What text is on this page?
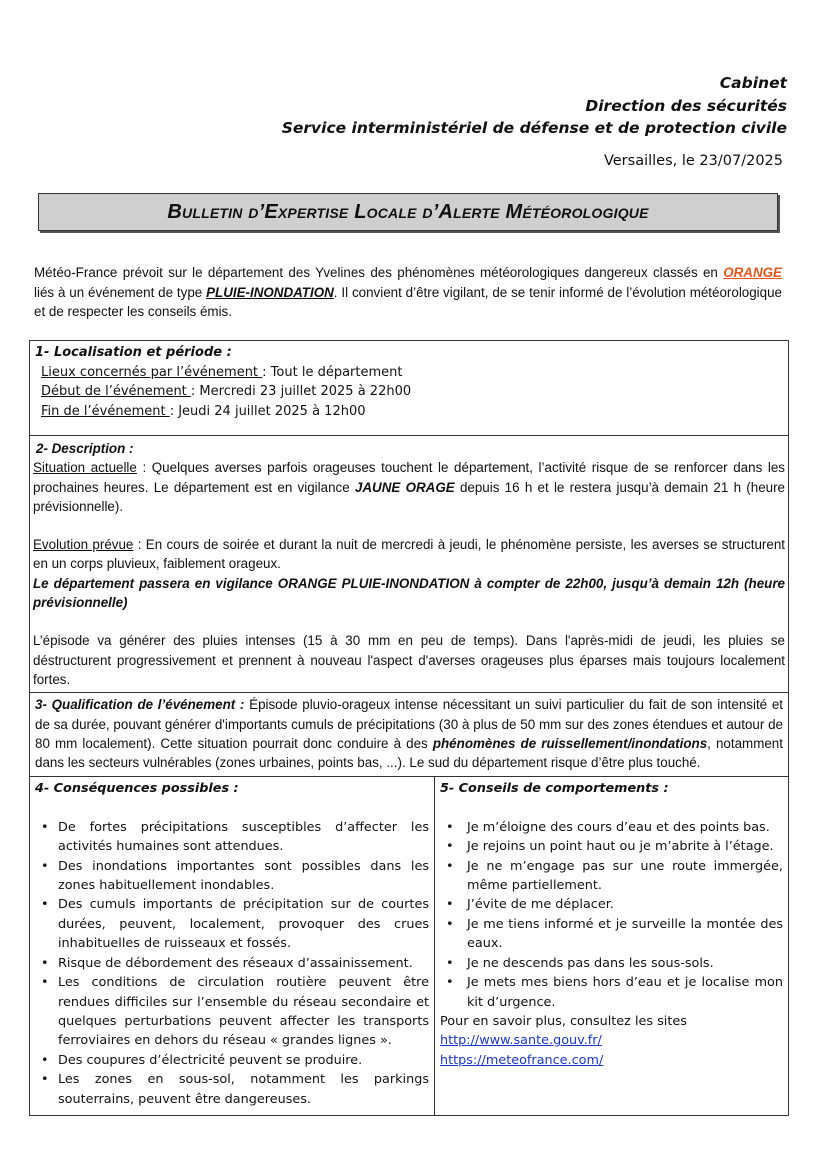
Cabinet
Direction des sécurités
Service interministériel de défense et de protection civile
Versailles, le 23/07/2025
Bulletin d’Expertise Locale d’Alerte Météorologique
Météo-France prévoit sur le département des Yvelines des phénomènes météorologiques dangereux classés en ORANGE liés à un événement de type PLUIE-INONDATION. Il convient d’être vigilant, de se tenir informé de l’évolution météorologique et de respecter les conseils émis.
1- Localisation et période :
Lieux concernés par l’événement : Tout le département
Début de l’événement : Mercredi 23 juillet 2025 à 22h00
Fin de l’événement : Jeudi 24 juillet 2025 à 12h00
2- Description :
Situation actuelle : Quelques averses parfois orageuses touchent le département, l’activité risque de se renforcer dans les prochaines heures. Le département est en vigilance JAUNE ORAGE depuis 16 h et le restera jusqu’à demain 21 h (heure prévisionnelle).
Evolution prévue : En cours de soirée et durant la nuit de mercredi à jeudi, le phénomène persiste, les averses se structurent en un corps pluvieux, faiblement orageux.
Le département passera en vigilance ORANGE PLUIE-INONDATION à compter de 22h00, jusqu’à demain 12h (heure prévisionnelle)
L’épisode va générer des pluies intenses (15 à 30 mm en peu de temps). Dans l'après-midi de jeudi, les pluies se déstructurent progressivement et prennent à nouveau l'aspect d'averses orageuses plus éparses mais toujours localement fortes.
3- Qualification de l’événement : Épisode pluvio-orageux intense nécessitant un suivi particulier du fait de son intensité et de sa durée, pouvant générer d'importants cumuls de précipitations (30 à plus de 50 mm sur des zones étendues et autour de 80 mm localement). Cette situation pourrait donc conduire à des phénomènes de ruissellement/inondations, notamment dans les secteurs vulnérables (zones urbaines, points bas, ...). Le sud du département risque d’être plus touché.
4- Conséquences possibles :
• De fortes précipitations susceptibles d’affecter les activités humaines sont attendues.
• Des inondations importantes sont possibles dans les zones habituellement inondables.
• Des cumuls importants de précipitation sur de courtes durées, peuvent, localement, provoquer des crues inhabituelles de ruisseaux et fossés.
• Risque de débordement des réseaux d’assainissement.
• Les conditions de circulation routière peuvent être rendues difficiles sur l’ensemble du réseau secondaire et quelques perturbations peuvent affecter les transports ferroviaires en dehors du réseau « grandes lignes ».
• Des coupures d’électricité peuvent se produire.
• Les zones en sous-sol, notamment les parkings souterrains, peuvent être dangereuses.
5- Conseils de comportements :
• Je m’éloigne des cours d’eau et des points bas.
• Je rejoins un point haut ou je m’abrite à l’étage.
• Je ne m’engage pas sur une route immergée, même partiellement.
• J’évite de me déplacer.
• Je me tiens informé et je surveille la montée des eaux.
• Je ne descends pas dans les sous-sols.
• Je mets mes biens hors d’eau et je localise mon kit d’urgence.
Pour en savoir plus, consultez les sites
http://www.sante.gouv.fr/
https://meteofrance.com/
